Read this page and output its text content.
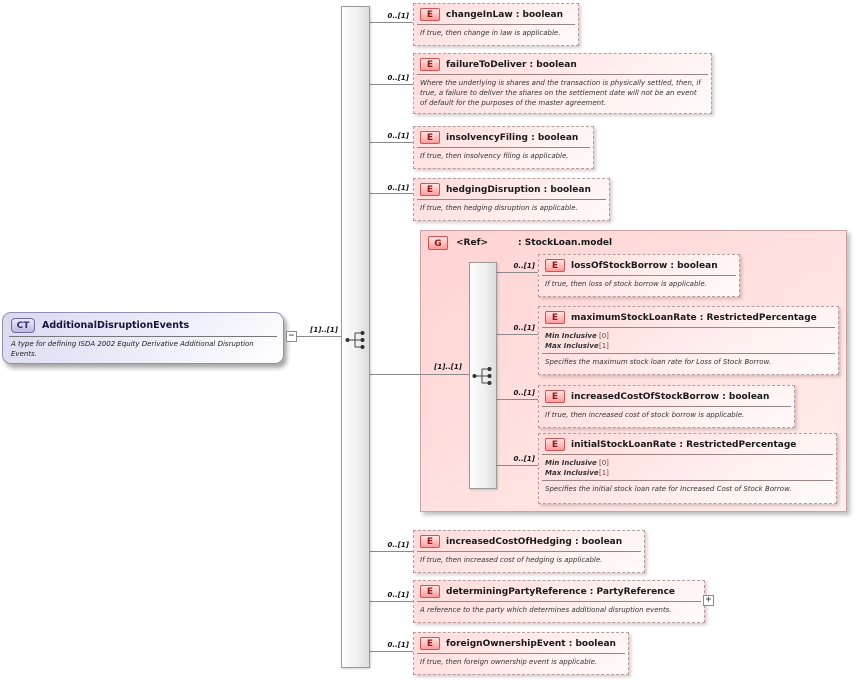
G	<Ref>	: StockLoan.model
[1]..[1]
0..[1]
0..[1]
0..[1]
0..[1]
0..[1]
0..[1]
0..[1]
[1]..[1]
0..[1]
0..[1]
0..[1]
0..[1]
CT	AdditionalDisruptionEvents
A type for defining ISDA 2002 Equity Derivative Additional Disruption Events.
−
E	changeInLaw : boolean
If true, then change in law is applicable.
E	failureToDeliver : boolean
Where the underlying is shares and the transaction is physically settled, then, if true, a failure to deliver the shares on the settlement date will not be an event of default for the purposes of the master agreement.
E	insolvencyFiling : boolean
If true, then insolvency filing is applicable.
E	hedgingDisruption : boolean
If true, then hedging disruption is applicable.
E	increasedCostOfHedging : boolean
If true, then increased cost of hedging is applicable.
E	determiningPartyReference : PartyReference
A reference to the party which determines additional disruption events.
+
E	foreignOwnershipEvent : boolean
If true, then foreign ownership event is applicable.
E	lossOfStockBorrow : boolean
If true, then loss of stock borrow is applicable.
E	maximumStockLoanRate : RestrictedPercentage
Min Inclusive [0]
Max Inclusive [1]
Specifies the maximum stock loan rate for Loss of Stock Borrow.
E	increasedCostOfStockBorrow : boolean
If true, then increased cost of stock borrow is applicable.
E	initialStockLoanRate : RestrictedPercentage
Min Inclusive [0]
Max Inclusive [1]
Specifies the initial stock loan rate for Increased Cost of Stock Borrow.
